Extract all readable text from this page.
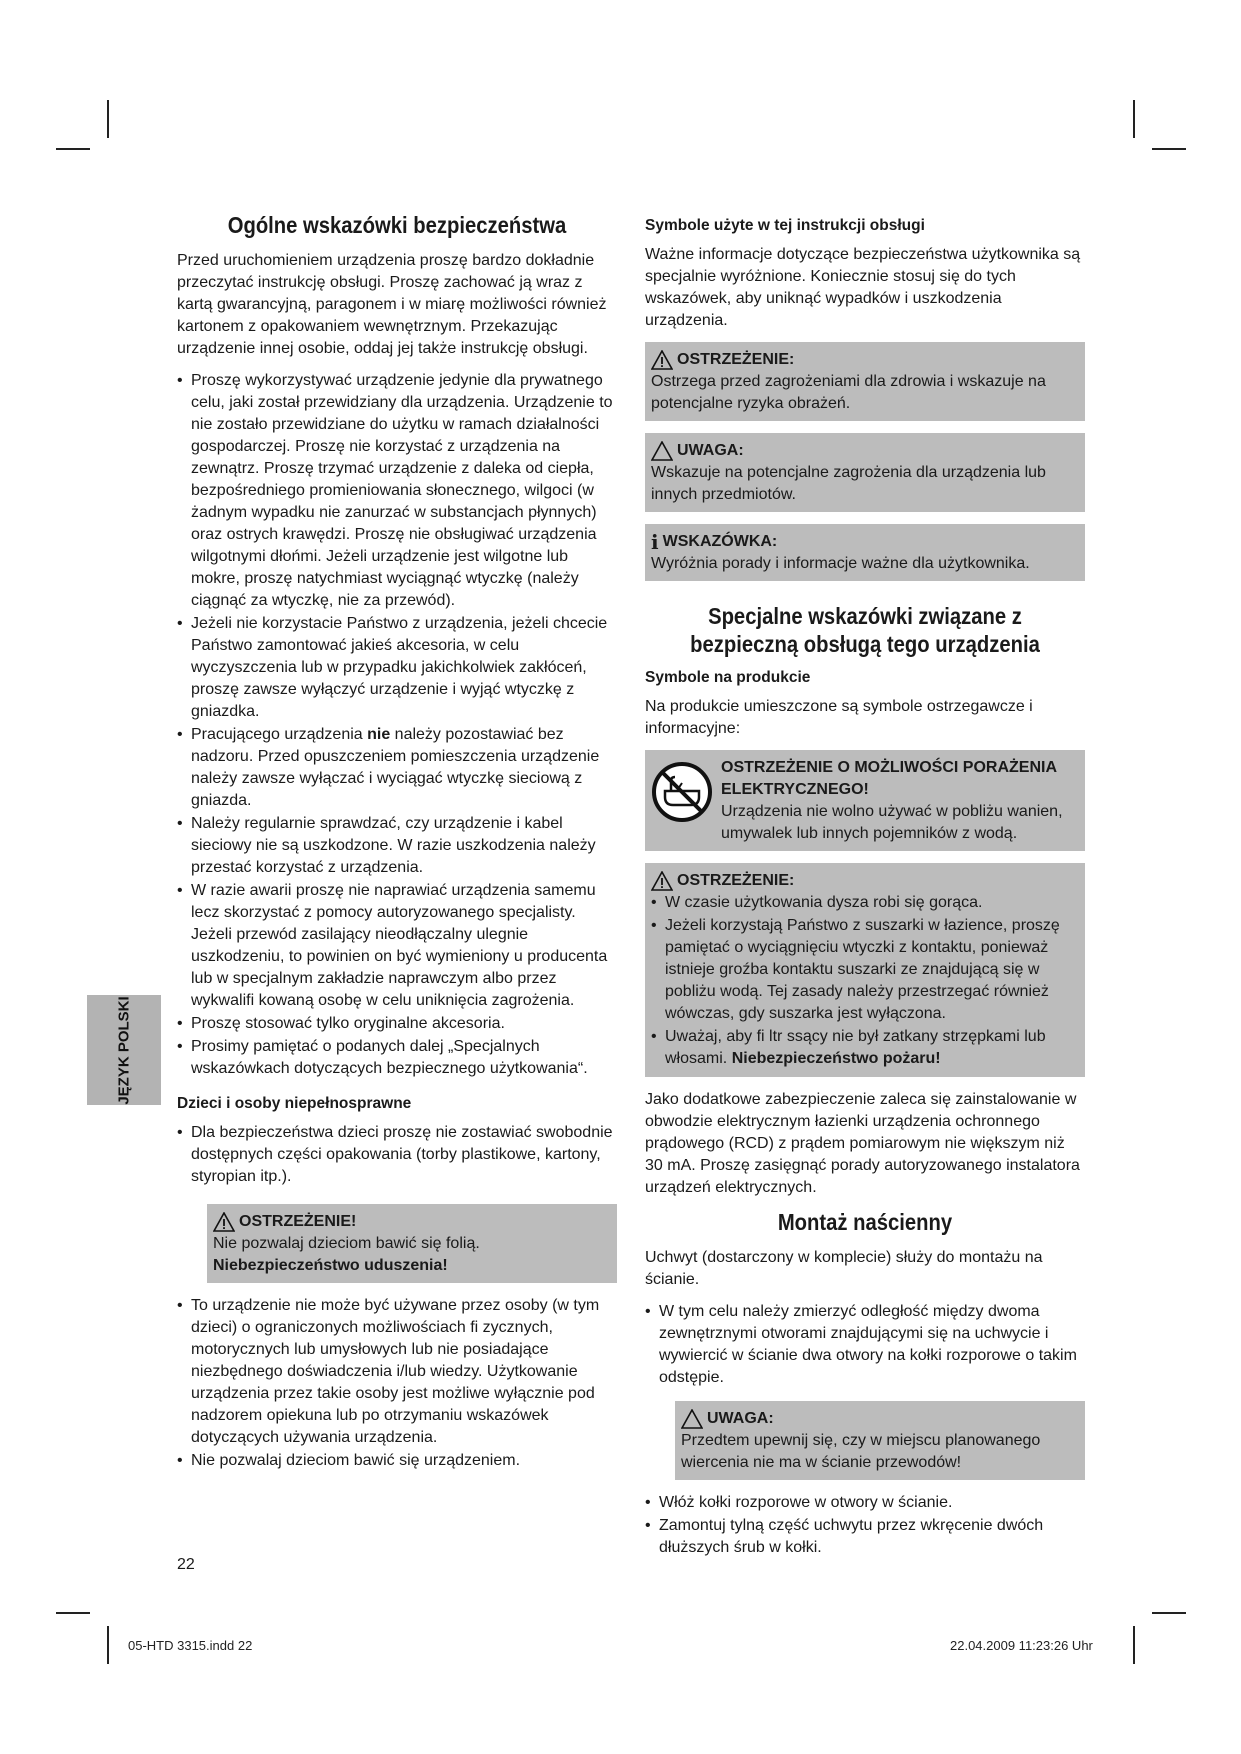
JĘZYK POLSKI
Ogólne wskazówki bezpieczeństwa

Przed uruchomieniem urządzenia proszę bardzo dokładnie przeczytać instrukcję obsługi. Proszę zachować ją wraz z kartą gwarancyjną, paragonem i w miarę możliwości również kartonem z opakowaniem wewnętrznym. Przekazując urządzenie innej osobie, oddaj jej także instrukcję obsługi.

• Proszę wykorzystywać urządzenie jedynie dla prywatnego celu, jaki został przewidziany dla urządzenia. Urządzenie to nie zostało przewidziane do użytku w ramach działalności gospodarczej. Proszę nie korzystać z urządzenia na zewnątrz. Proszę trzymać urządzenie z daleka od ciepła, bezpośredniego promieniowania słonecznego, wilgoci (w żadnym wypadku nie zanurzać w substancjach płynnych) oraz ostrych krawędzi. Proszę nie obsługiwać urządzenia wilgotnymi dłońmi. Jeżeli urządzenie jest wilgotne lub mokre, proszę natychmiast wyciągnąć wtyczkę (należy ciągnąć za wtyczkę, nie za przewód).
• Jeżeli nie korzystacie Państwo z urządzenia, jeżeli chcecie Państwo zamontować jakieś akcesoria, w celu wyczyszczenia lub w przypadku jakichkolwiek zakłóceń, proszę zawsze wyłączyć urządzenie i wyjąć wtyczkę z gniazdka.
• Pracującego urządzenia nie należy pozostawiać bez nadzoru. Przed opuszczeniem pomieszczenia urządzenie należy zawsze wyłączać i wyciągać wtyczkę sieciową z gniazda.
• Należy regularnie sprawdzać, czy urządzenie i kabel sieciowy nie są uszkodzone. W razie uszkodzenia należy przestać korzystać z urządzenia.
• W razie awarii proszę nie naprawiać urządzenia samemu lecz skorzystać z pomocy autoryzowanego specjalisty. Jeżeli przewód zasilający nieodłączalny ulegnie uszkodzeniu, to powinien on być wymieniony u producenta lub w specjalnym zakładzie naprawczym albo przez wykwalifi kowaną osobę w celu uniknięcia zagrożenia.
• Proszę stosować tylko oryginalne akcesoria.
• Prosimy pamiętać o podanych dalej „Specjalnych wskazówkach dotyczących bezpiecznego użytkowania“.
Dzieci i osoby niepełnosprawne
• Dla bezpieczeństwa dzieci proszę nie zostawiać swobodnie dostępnych części opakowania (torby plastikowe, kartony, styropian itp.).
OSTRZEŻENIE!
Nie pozwalaj dzieciom bawić się folią.
Niebezpieczeństwo uduszenia!
• To urządzenie nie może być używane przez osoby (w tym dzieci) o ograniczonych możliwościach fi zycznych, motorycznych lub umysłowych lub nie posiadające niezbędnego doświadczenia i/lub wiedzy. Użytkowanie urządzenia przez takie osoby jest możliwe wyłącznie pod nadzorem opiekuna lub po otrzymaniu wskazówek dotyczących używania urządzenia.
• Nie pozwalaj dzieciom bawić się urządzeniem.
Symbole użyte w tej instrukcji obsługi

Ważne informacje dotyczące bezpieczeństwa użytkownika są specjalnie wyróżnione. Koniecznie stosuj się do tych wskazówek, aby uniknąć wypadków i uszkodzenia urządzenia.

OSTRZEŻENIE:
Ostrzega przed zagrożeniami dla zdrowia i wskazuje na potencjalne ryzyka obrażeń.
UWAGA:
Wskazuje na potencjalne zagrożenia dla urządzenia lub innych przedmiotów.
i WSKAZÓWKA:
Wyróżnia porady i informacje ważne dla użytkownika.
Specjalne wskazówki związane z bezpieczną obsługą tego urządzenia
Symbole na produkcie

Na produkcie umieszczone są symbole ostrzegawcze i informacyjne:

OSTRZEŻENIE O MOŻLIWOŚCI PORAŻENIA ELEKTRYCZNEGO!
Urządzenia nie wolno używać w pobliżu wanien, umywalek lub innych pojemników z wodą.
OSTRZEŻENIE:
• W czasie użytkowania dysza robi się gorąca.
• Jeżeli korzystają Państwo z suszarki w łazience, proszę pamiętać o wyciągnięciu wtyczki z kontaktu, ponieważ istnieje groźba kontaktu suszarki ze znajdującą się w pobliżu wodą. Tej zasady należy przestrzegać również wówczas, gdy suszarka jest wyłączona.
• Uważaj, aby fi ltr ssący nie był zatkany strzępkami lub włosami. Niebezpieczeństwo pożaru!

Jako dodatkowe zabezpieczenie zaleca się zainstalowanie w obwodzie elektrycznym łazienki urządzenia ochronnego prądowego (RCD) z prądem pomiarowym nie większym niż 30 mA. Proszę zasięgnąć porady autoryzowanego instalatora urządzeń elektrycznych.

Montaż naścienny

Uchwyt (dostarczony w komplecie) służy do montażu na ścianie.

• W tym celu należy zmierzyć odległość między dwoma zewnętrznymi otworami znajdującymi się na uchwycie i wywiercić w ścianie dwa otwory na kołki rozporowe o takim odstępie.
UWAGA:
Przedtem upewnij się, czy w miejscu planowanego wiercenia nie ma w ścianie przewodów!
• Włóż kołki rozporowe w otwory w ścianie.
• Zamontuj tylną część uchwytu przez wkręcenie dwóch dłuższych śrub w kołki.
22
05-HTD 3315.indd 22	22.04.2009 11:23:26 Uhr
